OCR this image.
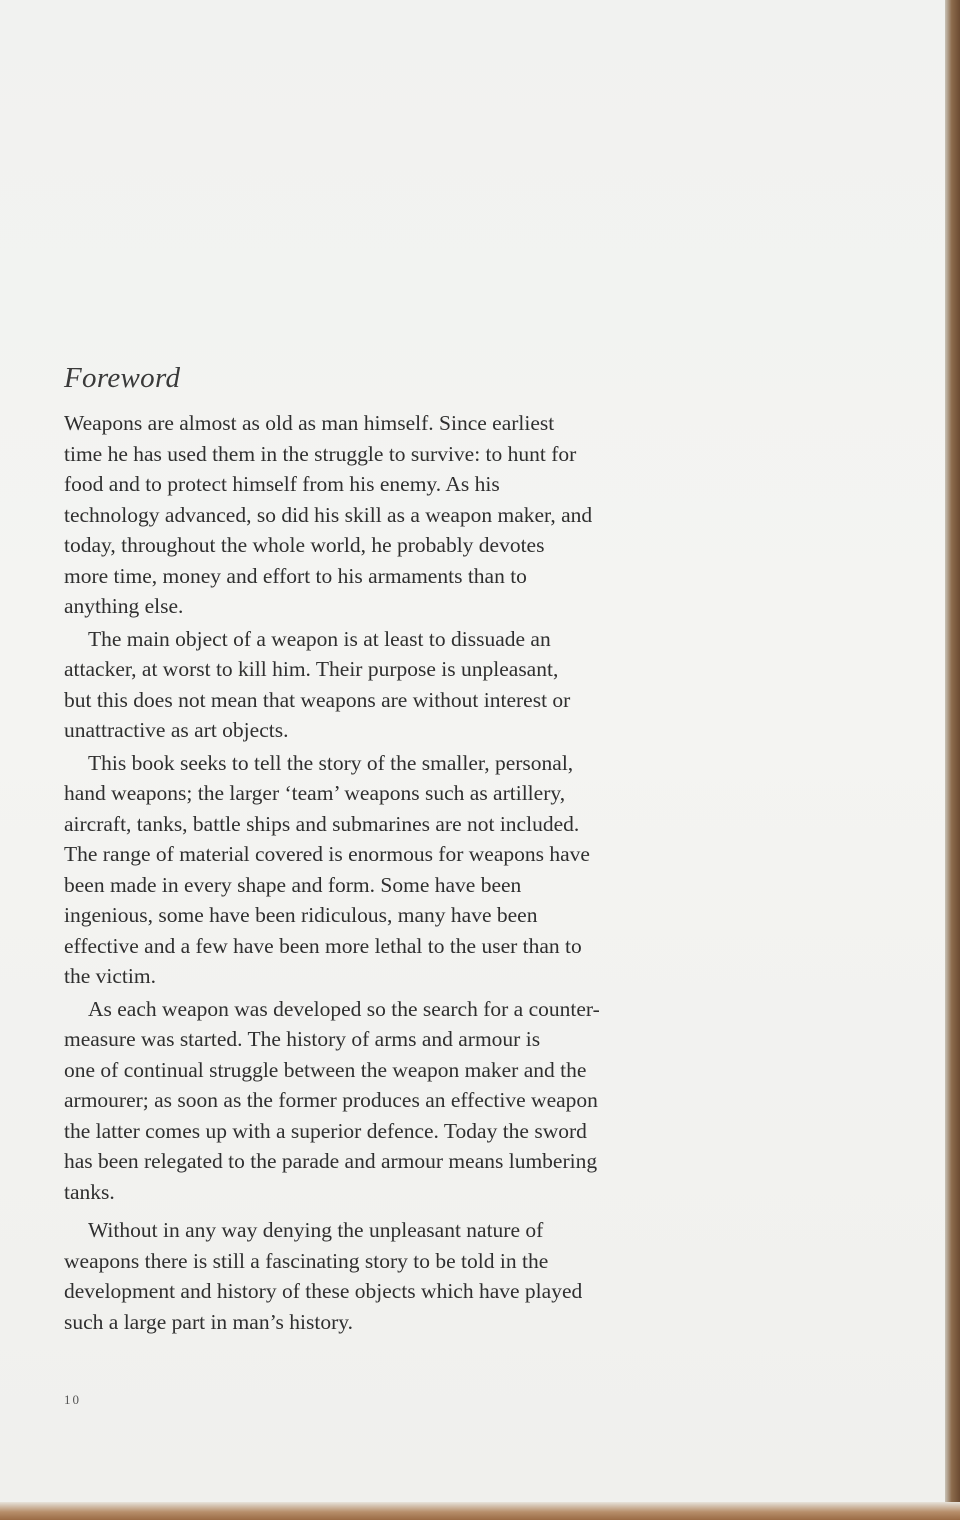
Foreword
Weapons are almost as old as man himself. Since earliest
time he has used them in the struggle to survive: to hunt for
food and to protect himself from his enemy. As his
technology advanced, so did his skill as a weapon maker, and
today, throughout the whole world, he probably devotes
more time, money and effort to his armaments than to
anything else.
The main object of a weapon is at least to dissuade an
attacker, at worst to kill him. Their purpose is unpleasant,
but this does not mean that weapons are without interest or
unattractive as art objects.
This book seeks to tell the story of the smaller, personal,
hand weapons; the larger ‘team’ weapons such as artillery,
aircraft, tanks, battle ships and submarines are not included.
The range of material covered is enormous for weapons have
been made in every shape and form. Some have been
ingenious, some have been ridiculous, many have been
effective and a few have been more lethal to the user than to
the victim.
As each weapon was developed so the search for a counter-
measure was started. The history of arms and armour is
one of continual struggle between the weapon maker and the
armourer; as soon as the former produces an effective weapon
the latter comes up with a superior defence. Today the sword
has been relegated to the parade and armour means lumbering
tanks.
Without in any way denying the unpleasant nature of
weapons there is still a fascinating story to be told in the
development and history of these objects which have played
such a large part in man’s history.
10
